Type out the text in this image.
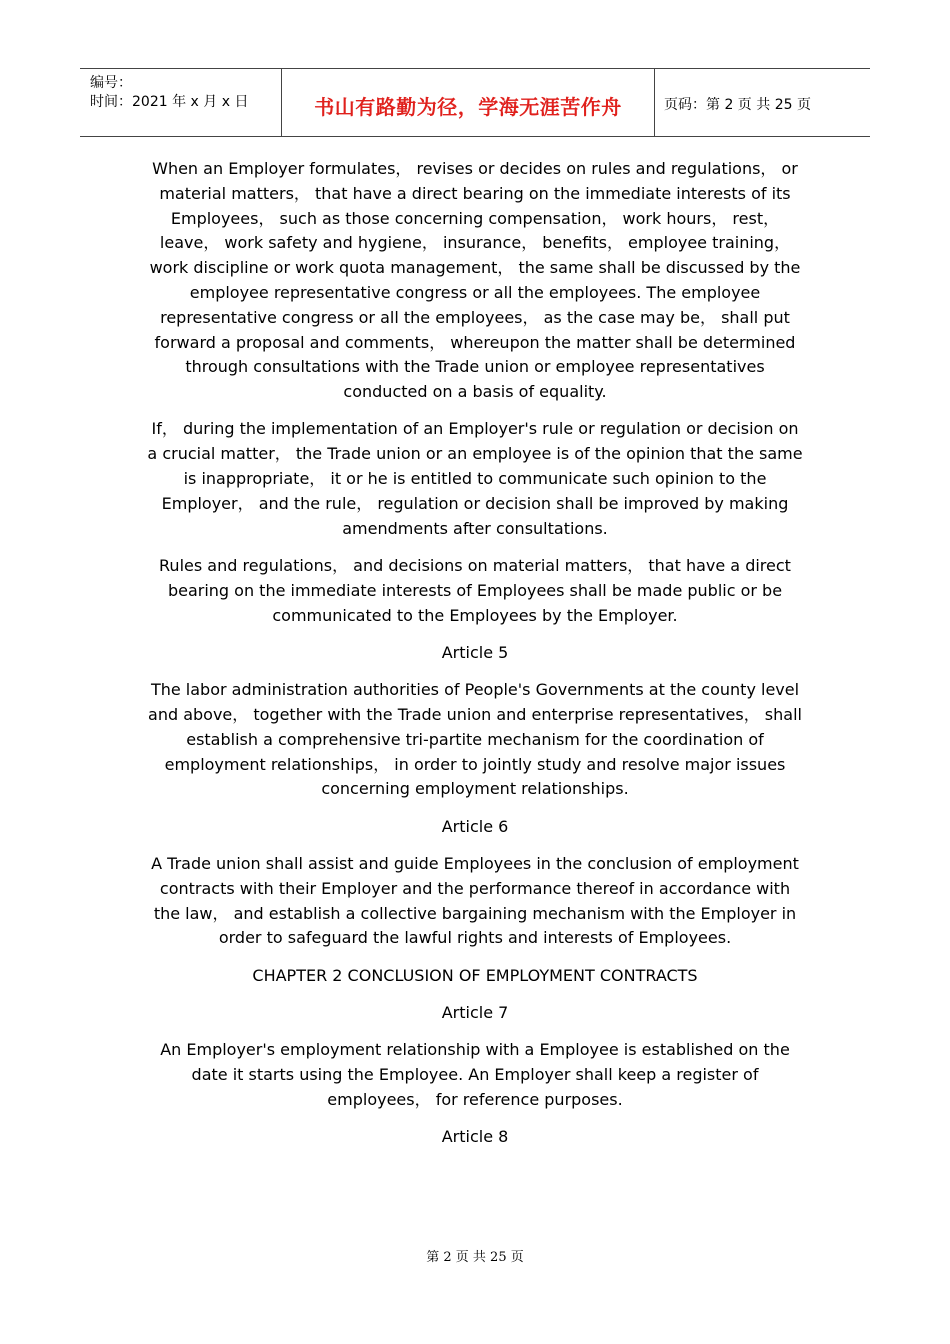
编号：
时间：2021 年 x 月 x 日	书山有路勤为径，学海无涯苦作舟	页码：第 2 页 共 25 页

When an Employer formulates， revises or decides on rules and regulations， or material matters， that have a direct bearing on the immediate interests of its Employees， such as those concerning compensation， work hours， rest， leave， work safety and hygiene， insurance， benefits， employee training， work discipline or work quota management， the same shall be discussed by the employee representative congress or all the employees. The employee representative congress or all the employees， as the case may be， shall put forward a proposal and comments， whereupon the matter shall be determined through consultations with the Trade union or employee representatives conducted on a basis of equality.

If， during the implementation of an Employer's rule or regulation or decision on a crucial matter， the Trade union or an employee is of the opinion that the same is inappropriate， it or he is entitled to communicate such opinion to the Employer， and the rule， regulation or decision shall be improved by making amendments after consultations.

Rules and regulations， and decisions on material matters， that have a direct bearing on the immediate interests of Employees shall be made public or be communicated to the Employees by the Employer.

Article 5

The labor administration authorities of People's Governments at the county level and above， together with the Trade union and enterprise representatives， shall establish a comprehensive tri-partite mechanism for the coordination of employment relationships， in order to jointly study and resolve major issues concerning employment relationships.

Article 6

A Trade union shall assist and guide Employees in the conclusion of employment contracts with their Employer and the performance thereof in accordance with the law， and establish a collective bargaining mechanism with the Employer in order to safeguard the lawful rights and interests of Employees.

CHAPTER 2 CONCLUSION OF EMPLOYMENT CONTRACTS

Article 7

An Employer's employment relationship with a Employee is established on the date it starts using the Employee. An Employer shall keep a register of employees， for reference purposes.

Article 8

第 2 页 共 25 页
